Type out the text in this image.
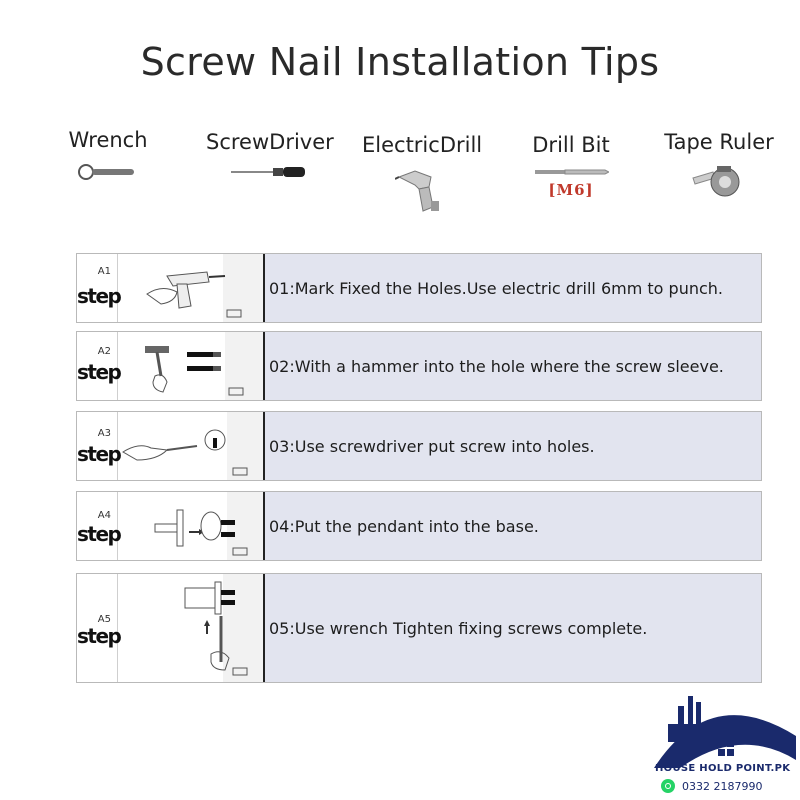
Screw Nail Installation Tips
Wrench	ScrewDriver ElectricDrill Drill Bit
[M6]
Tape Ruler
A1
step	01:Mark Fixed the Holes.Use electric drill 6mm to punch.
A2
step	02:With a hammer into the hole where the screw sleeve.
A3
step	03:Use screwdriver put screw into holes.
A4
step	04:Put the pendant into the base.
A5
step	05:Use wrench Tighten fixing screws complete.
HOUSE HOLD POINT.PK
0332 2187990
